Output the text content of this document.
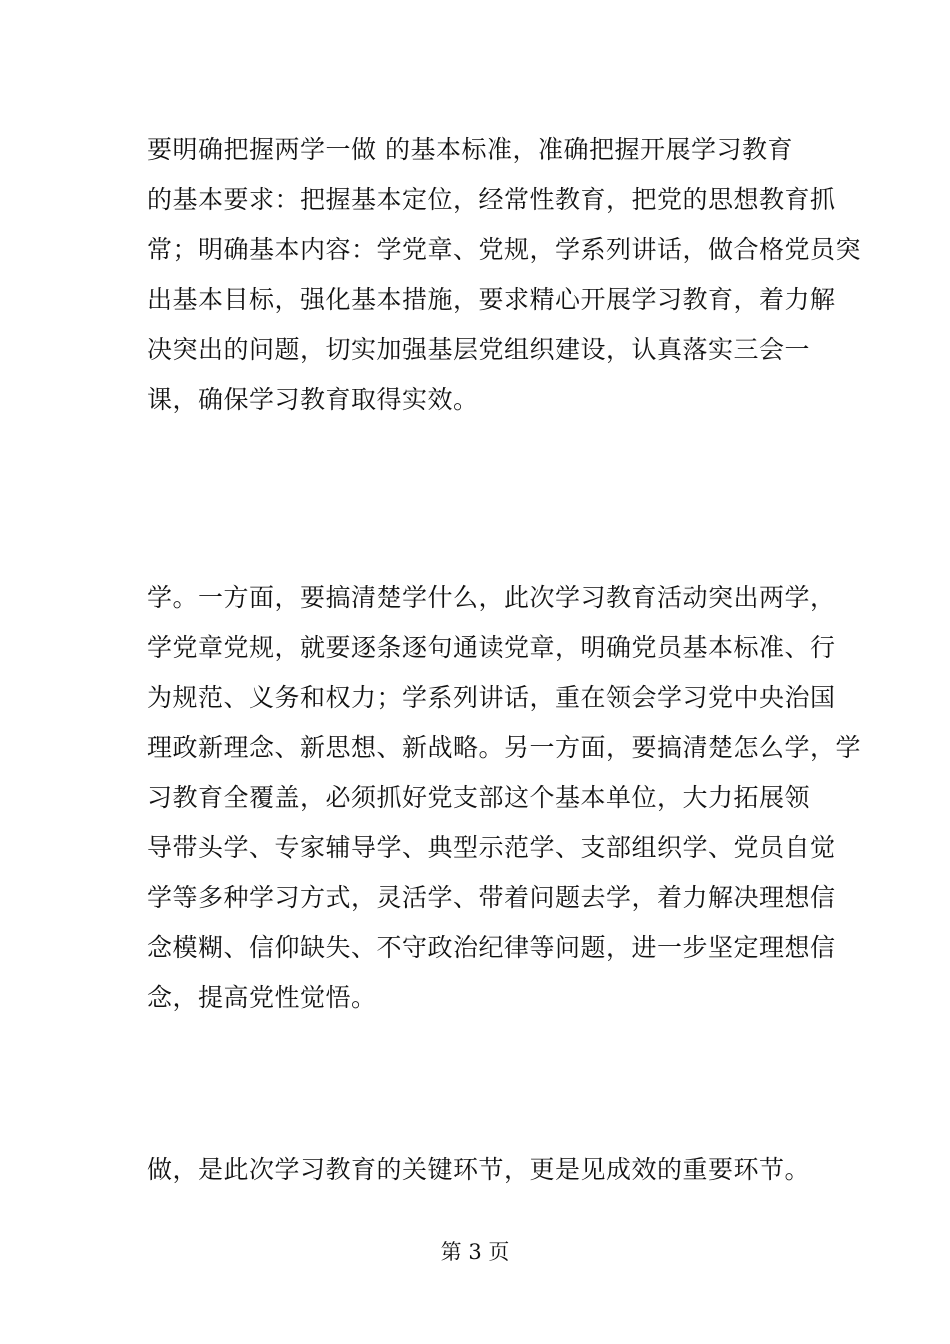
要明确把握两学一做 的基本标准，准确把握开展学习教育
的基本要求：把握基本定位，经常性教育，把党的思想教育抓
常；明确基本内容：学党章、党规，学系列讲话，做合格党员突
出基本目标，强化基本措施，要求精心开展学习教育，着力解
决突出的问题，切实加强基层党组织建设，认真落实三会一
课，确保学习教育取得实效。
学。一方面，要搞清楚学什么，此次学习教育活动突出两学，
学党章党规，就要逐条逐句通读党章，明确党员基本标准、行
为规范、义务和权力；学系列讲话，重在领会学习党中央治国
理政新理念、新思想、新战略。另一方面，要搞清楚怎么学，学
习教育全覆盖，必须抓好党支部这个基本单位，大力拓展领
导带头学、专家辅导学、典型示范学、支部组织学、党员自觉
学等多种学习方式，灵活学、带着问题去学，着力解决理想信
念模糊、信仰缺失、不守政治纪律等问题，进一步坚定理想信
念，提高党性觉悟。
做，是此次学习教育的关键环节，更是见成效的重要环节。
第 3 页
